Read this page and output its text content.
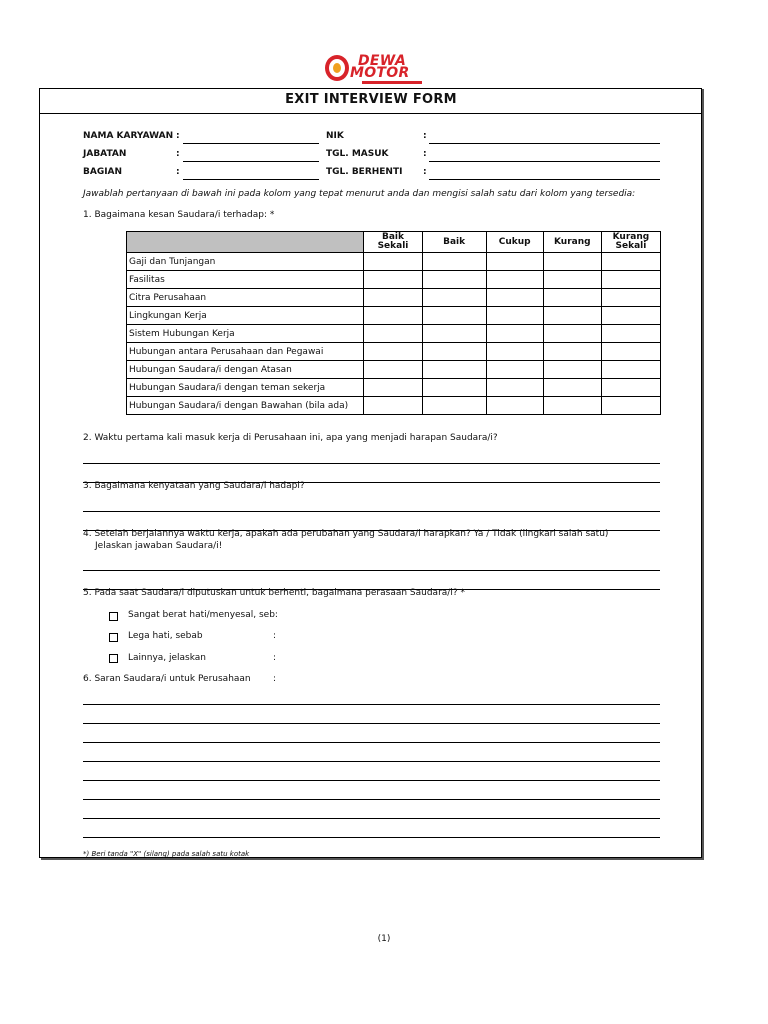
DEWA
MOTOR
EXIT INTERVIEW FORM
NAMA KARYAWAN :
JABATAN	:
BAGIAN	:
NIK	:
TGL. MASUK	:
TGL. BERHENTI :
Jawablah pertanyaan di bawah ini pada kolom yang tepat menurut anda dan mengisi salah satu dari kolom yang tersedia:
1. Bagaimana kesan Saudara/i terhadap: *
	Baik Sekali	Baik	Cukup	Kurang	Kurang Sekali
Gaji dan Tunjangan					
Fasilitas					
Citra Perusahaan					
Lingkungan Kerja					
Sistem Hubungan Kerja					
Hubungan antara Perusahaan dan Pegawai					
Hubungan Saudara/i dengan Atasan					
Hubungan Saudara/i dengan teman sekerja					
Hubungan Saudara/i dengan Bawahan (bila ada)					
2. Waktu pertama kali masuk kerja di Perusahaan ini, apa yang menjadi harapan Saudara/i?
3. Bagaimana kenyataan yang Saudara/i hadapi?
4. Setelah berjalannya waktu kerja, apakah ada perubahan yang Saudara/i harapkan? Ya / Tidak (lingkari salah satu)
Jelaskan jawaban Saudara/i!
5. Pada saat Saudara/i diputuskan untuk berhenti, bagaimana perasaan Saudara/i? *
Sangat berat hati/menyesal, seb:
Lega hati, sebab	:
Lainnya, jelaskan	:
6. Saran Saudara/i untuk Perusahaan :
*) Beri tanda "X" (silang) pada salah satu kotak
(1)
